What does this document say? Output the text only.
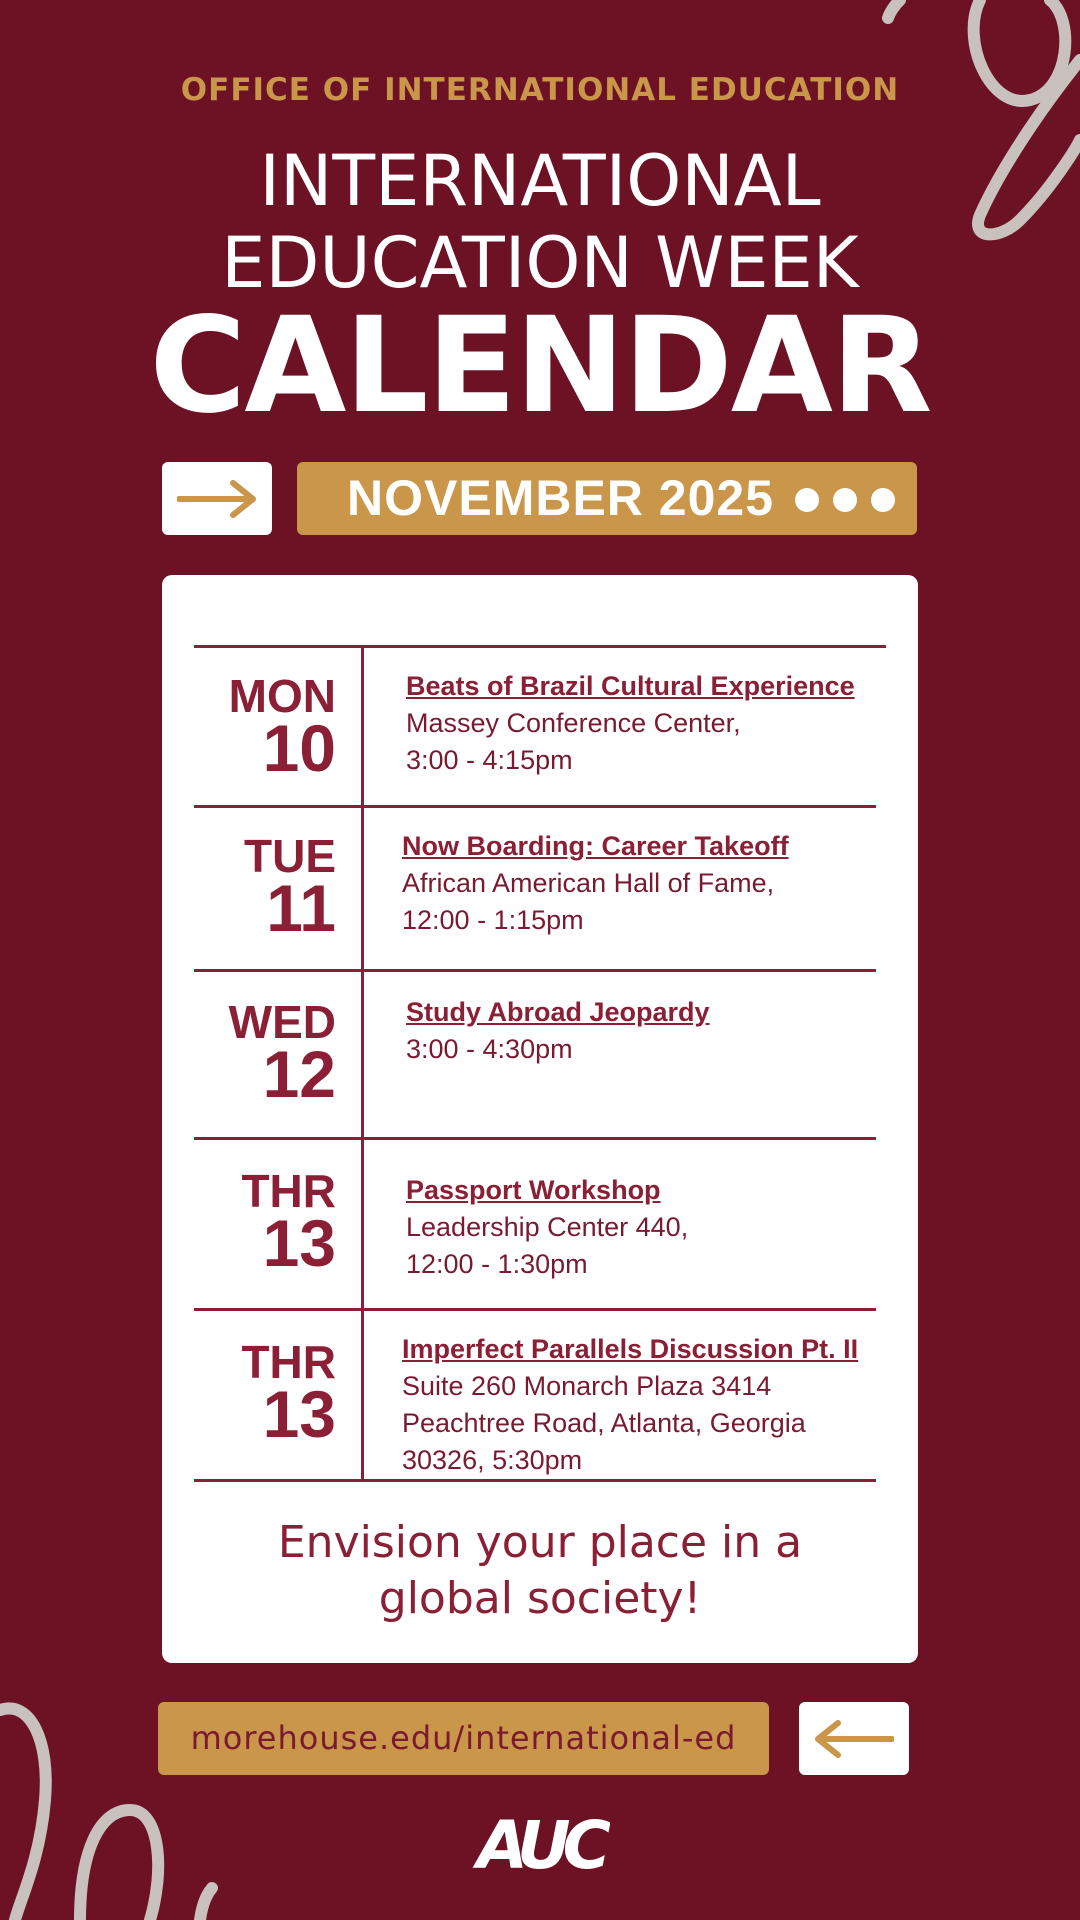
OFFICE OF INTERNATIONAL EDUCATION
INTERNATIONAL
EDUCATION WEEK
CALENDAR
NOVEMBER 2025
MON
10
Beats of Brazil Cultural Experience
Massey Conference Center,
3:00 - 4:15pm
TUE
11
Now Boarding: Career Takeoff
African American Hall of Fame,
12:00 - 1:15pm
WED
12
Study Abroad Jeopardy
3:00 - 4:30pm
THR
13
Passport Workshop
Leadership Center 440,
12:00 - 1:30pm
THR
13
Imperfect Parallels Discussion Pt. II
Suite 260 Monarch Plaza 3414
Peachtree Road, Atlanta, Georgia
30326, 5:30pm
Envision your place in a
global society!
morehouse.edu/international-ed
AUC
